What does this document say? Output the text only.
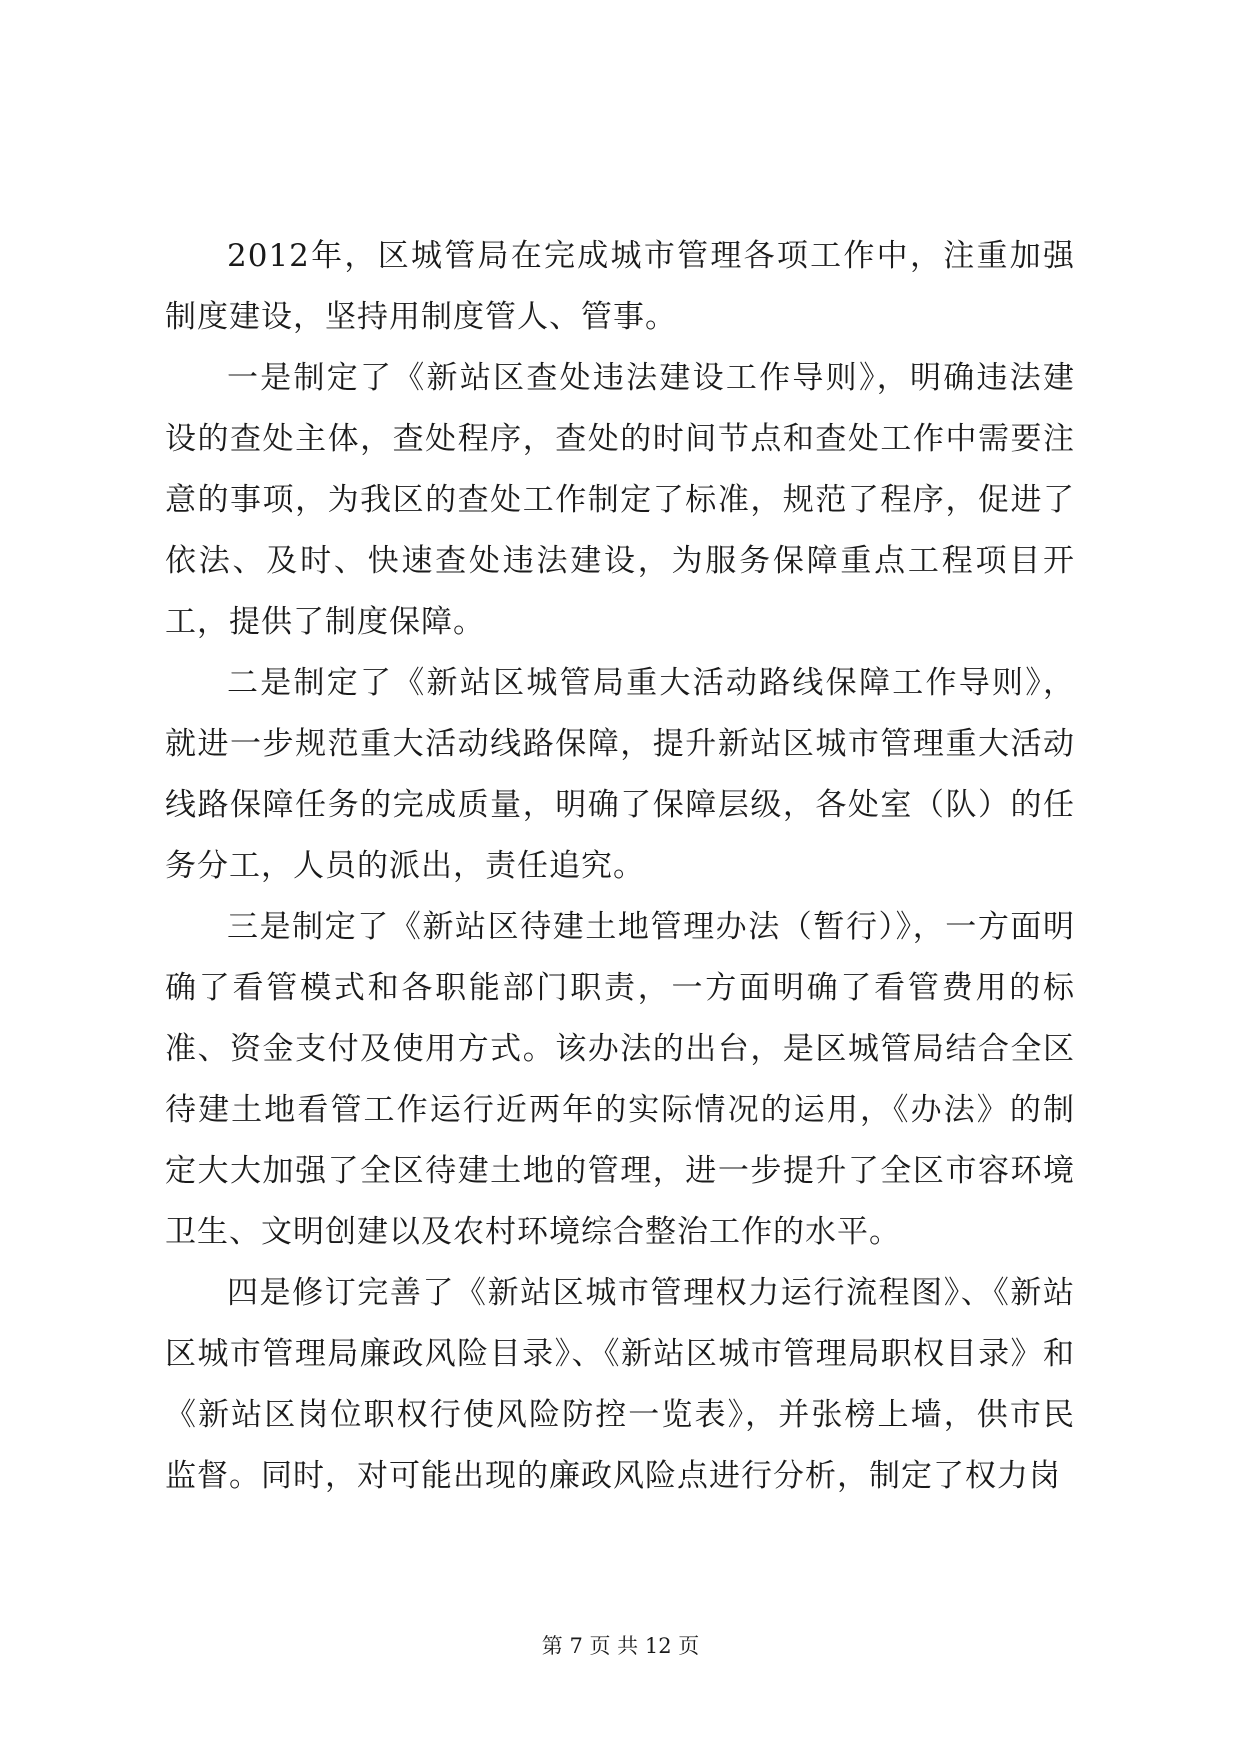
2012年，区城管局在完成城市管理各项工作中，注重加强制度建设，坚持用制度管人、管事。

一是制定了《新站区查处违法建设工作导则》，明确违法建设的查处主体，查处程序，查处的时间节点和查处工作中需要注意的事项，为我区的查处工作制定了标准，规范了程序，促进了依法、及时、快速查处违法建设，为服务保障重点工程项目开工，提供了制度保障。

二是制定了《新站区城管局重大活动路线保障工作导则》，就进一步规范重大活动线路保障，提升新站区城市管理重大活动线路保障任务的完成质量，明确了保障层级，各处室（队）的任务分工，人员的派出，责任追究。

三是制定了《新站区待建土地管理办法（暂行）》，一方面明确了看管模式和各职能部门职责，一方面明确了看管费用的标准、资金支付及使用方式。该办法的出台，是区城管局结合全区待建土地看管工作运行近两年的实际情况的运用，《办法》的制定大大加强了全区待建土地的管理，进一步提升了全区市容环境卫生、文明创建以及农村环境综合整治工作的水平。

四是修订完善了《新站区城市管理权力运行流程图》、《新站区城市管理局廉政风险目录》、《新站区城市管理局职权目录》和《新站区岗位职权行使风险防控一览表》，并张榜上墙，供市民监督。同时，对可能出现的廉政风险点进行分析，制定了权力岗

第 7 页 共 12 页
